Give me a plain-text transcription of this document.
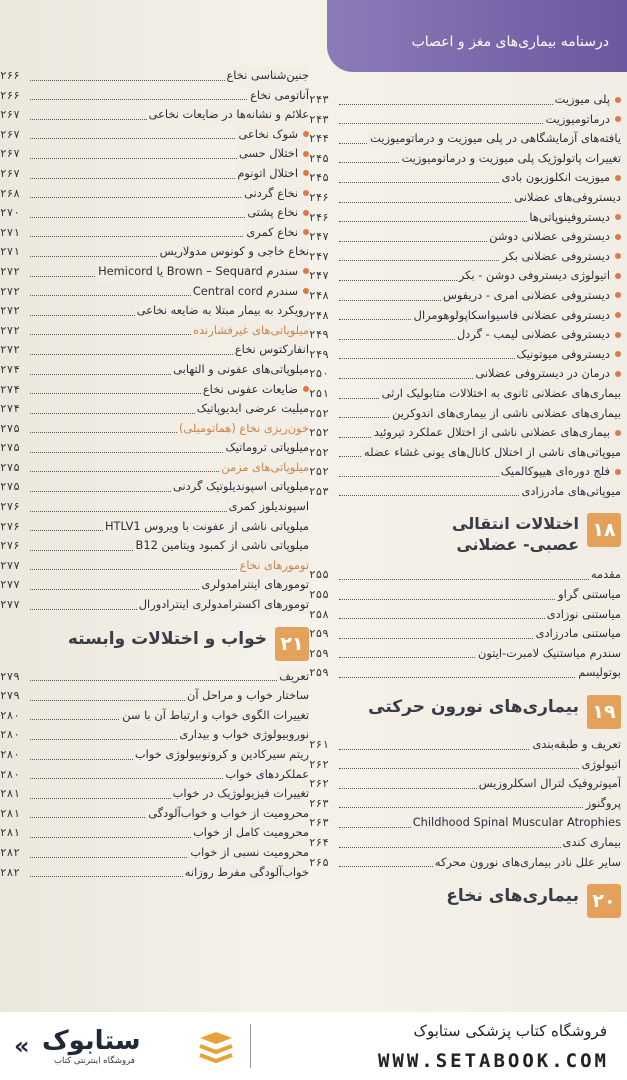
درسنامه بیماری‌های مغز و اعصاب
پلی میوزیت
۲۴۳
درماتومیوزیت
۲۴۳
یافته‌های آزمایشگاهی در پلی میوزیت و درماتومیوزیت
۲۴۴
تغییرات پاتولوژیک پلی میوزیت و درماتومیوزیت
۲۴۵
میوزیت انکلوزیون بادی
۲۴۵
دیستروفی‌های عضلانی
۲۴۶
دیستروفینوپاتی‌ها
۲۴۶
دیستروفی عضلانی دوشن
۲۴۷
دیستروفی عضلانی بکر
۲۴۷
اتیولوژی دیستروفی دوشن - بکر
۲۴۷
دیستروفی عضلانی امری - دریفوس
۲۴۸
دیستروفی عضلانی فاسیواسکاپولوهومرال
۲۴۸
دیستروفی عضلانی لیمب - گردل
۲۴۹
دیستروفی میوتونیک
۲۴۹
درمان در دیستروفی عضلانی
۲۵۰
بیماری‌های عضلانی ثانوی به اختلالات متابولیک ارثی
۲۵۱
بیماری‌های عضلانی ناشی از بیماری‌های اندوکرین
۲۵۲
بیماری‌های عضلانی ناشی از اختلال عملکرد تیروئید
۲۵۲
میوپاتی‌های ناشی از اختلال کانال‌های یونی غشاء عضله
۲۵۲
فلج دوره‌ای هیپوکالمیک
۲۵۲
میوپاتی‌های مادرزادی
۲۵۳
۱۸
اختلالات انتقالی عصبی- عضلانی
مقدمه
۲۵۵
میاستنی گراو
۲۵۵
میاستنی نوزادی
۲۵۸
میاستنی مادرزادی
۲۵۹
سندرم میاستنیک لامبرت-ایتون
۲۵۹
بوتولیسم
۲۵۹
۱۹
بیماری‌های نورون حرکتی
تعریف و طبقه‌بندی
۲۶۱
اتیولوژی
۲۶۲
آمیوتروفیک لترال اسکلروزیس
۲۶۲
پروگنوز
۲۶۳
Childhood Spinal Muscular Atrophies
۲۶۳
بیماری کندی
۲۶۴
سایر علل نادر بیماری‌های نورون محرکه
۲۶۵
۲۰
بیماری‌های نخاع
جنین‌شناسی نخاع
۲۶۶
آناتومی نخاع
۲۶۶
علائم و نشانه‌ها در ضایعات نخاعی
۲۶۷
شوک نخاعی
۲۶۷
اختلال حسی
۲۶۷
اختلال اتونوم
۲۶۷
نخاع گردنی
۲۶۸
نخاع پشتی
۲۷۰
نخاع کمری
۲۷۱
نخاع خاجی و کونوس مدولاریس
۲۷۱
سندرم Brown – Sequard یا Hemicord
۲۷۲
سندرم Central cord
۲۷۲
رویکرد به بیمار مبتلا به ضایعه نخاعی
۲۷۲
میلوپاتی‌های غیرفشارنده
۲۷۲
انفارکتوس نخاع
۲۷۲
میلوپاتی‌های عفونی و التهابی
۲۷۴
ضایعات عفونی نخاع
۲۷۴
میلیت عرضی ایدیوپاتیک
۲۷۴
خون‌ریزی نخاع (هماتومیلی)
۲۷۵
میلوپاتی تروماتیک
۲۷۵
میلوپاتی‌های مزمن
۲۷۵
میلوپاتی اسپوندیلوتیک گردنی
۲۷۵
اسپوندیلوز کمری
۲۷۶
میلوپاتی ناشی از عفونت با ویروس HTLV1
۲۷۶
میلوپاتی ناشی از کمبود ویتامین B12
۲۷۶
تومورهای نخاع
۲۷۷
تومورهای اینترامدولری
۲۷۷
تومورهای اکسترامدولری اینترادورال
۲۷۷
۲۱
خواب و اختلالات وابسته
تعریف
۲۷۹
ساختار خواب و مراحل آن
۲۷۹
تغییرات الگوی خواب و ارتباط آن با سن
۲۸۰
نوروبیولوژی خواب و بیداری
۲۸۰
ریتم سیرکادین و کرونوبیولوژی خواب
۲۸۰
عملکردهای خواب
۲۸۰
تغییرات فیزیولوژیک در خواب
۲۸۱
محرومیت از خواب و خواب‌آلودگی
۲۸۱
محرومیت کامل از خواب
۲۸۱
محرومیت نسبی از خواب
۲۸۲
خواب‌آلودگی مفرط روزانه
۲۸۲
« ستابوک
فروشگاه اینترنتی کتاب
فروشگاه کتاب پزشکی ستابوک
WWW.SETABOOK.COM
